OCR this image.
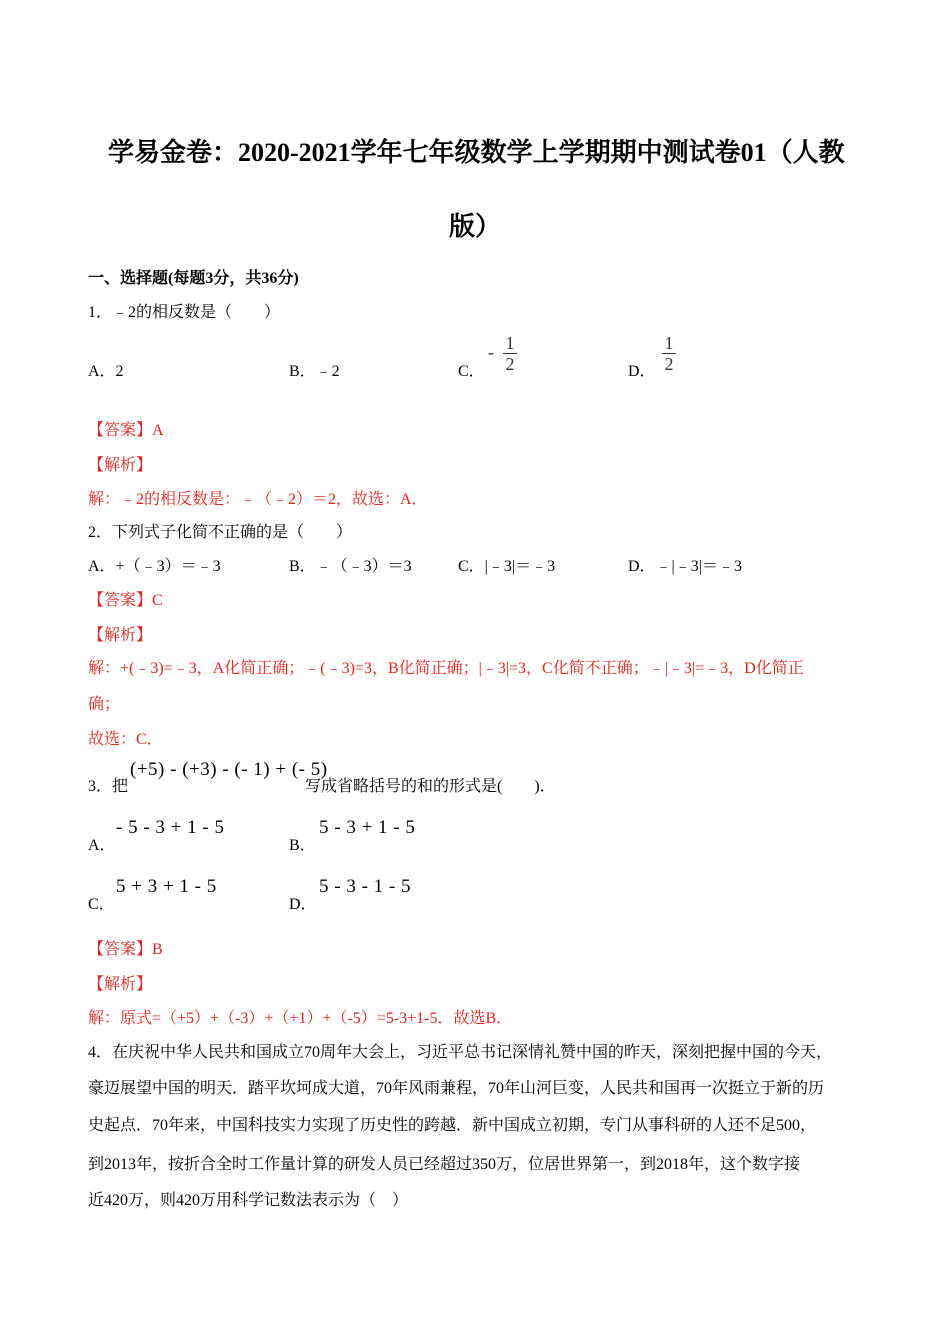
学易金卷：2020-2021学年七年级数学上学期期中测试卷01（人教
版）
一、选择题(每题3分，共36分)
1．﹣2的相反数是（　　）
A．2	B．﹣2	C．
- 1
2	D．
1
2
【答案】A
【解析】
解：﹣2的相反数是：﹣（﹣2）＝2，故选：A．
2．下列式子化简不正确的是（　　）
A．+（﹣3）＝﹣3	B．﹣（﹣3）＝3	C．|﹣3|＝﹣3	D．﹣|﹣3|＝﹣3
【答案】C
【解析】
解：+(﹣3)=﹣3，A化简正确；﹣(﹣3)=3，B化简正确；|﹣3|=3，C化简不正确；﹣|﹣3|=﹣3，D化简正
确；
故选：C．
3．把
(+5) - (+3) - (- 1) + (- 5)
写成省略括号的和的形式是(　　)．
A．
- 5 - 3 + 1 - 5
B．
5 - 3 + 1 - 5
C．
5 + 3 + 1 - 5
D．
5 - 3 - 1 - 5
【答案】B
【解析】
解：原式=（+5）+（-3）+（+1）+（-5）=5-3+1-5．故选B．
4．在庆祝中华人民共和国成立70周年大会上，习近平总书记深情礼赞中国的昨天，深刻把握中国的今天，
豪迈展望中国的明天．踏平坎坷成大道，70年风雨兼程，70年山河巨变，人民共和国再一次挺立于新的历
史起点．70年来，中国科技实力实现了历史性的跨越．新中国成立初期，专门从事科研的人还不足500，
到2013年，按折合全时工作量计算的研发人员已经超过350万，位居世界第一，到2018年，这个数字接
近420万，则420万用科学记数法表示为（　）
